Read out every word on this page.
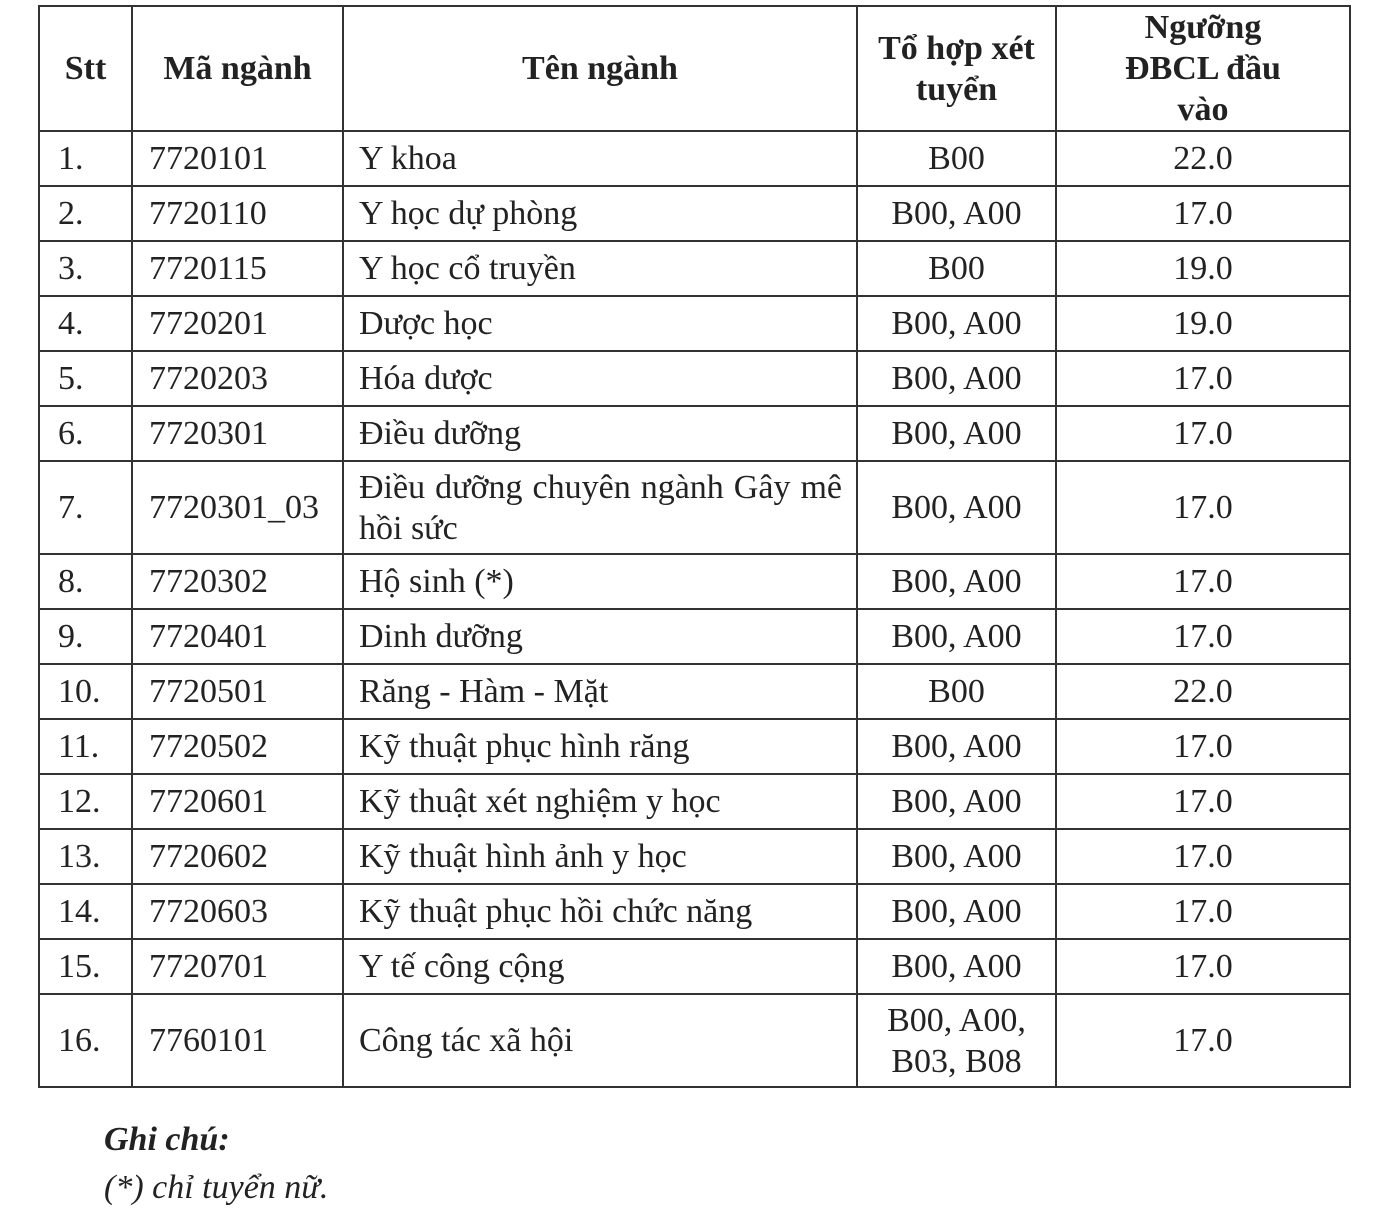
Stt	Mã ngành	Tên ngành	Tổ hợp xét tuyển	Ngưỡng ĐBCL đầu vào
1.	7720101	Y khoa	B00	22.0
2.	7720110	Y học dự phòng	B00, A00	17.0
3.	7720115	Y học cổ truyền	B00	19.0
4.	7720201	Dược học	B00, A00	19.0
5.	7720203	Hóa dược	B00, A00	17.0
6.	7720301	Điều dưỡng	B00, A00	17.0
7.	7720301_03	Điều dưỡng chuyên ngành Gây mê hồi sức	B00, A00	17.0
8.	7720302	Hộ sinh (*)	B00, A00	17.0
9.	7720401	Dinh dưỡng	B00, A00	17.0
10.	7720501	Răng - Hàm - Mặt	B00	22.0
11.	7720502	Kỹ thuật phục hình răng	B00, A00	17.0
12.	7720601	Kỹ thuật xét nghiệm y học	B00, A00	17.0
13.	7720602	Kỹ thuật hình ảnh y học	B00, A00	17.0
14.	7720603	Kỹ thuật phục hồi chức năng	B00, A00	17.0
15.	7720701	Y tế công cộng	B00, A00	17.0
16.	7760101	Công tác xã hội	B00, A00, B03, B08	17.0
Ghi chú:
(*) chỉ tuyển nữ.
